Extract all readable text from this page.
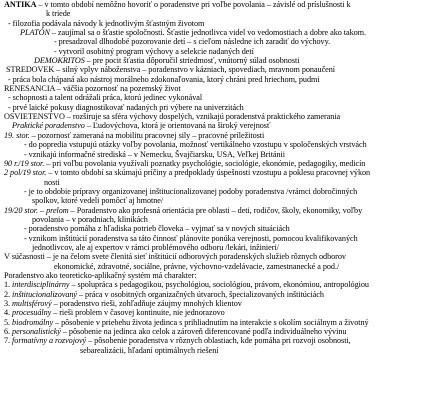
ANTIKA – v tomto období nemôžno hovoriť o poradenstve pri voľbe povolania – závislé od príslušnosti k
k triede
- filozofia podávala návody k jednotlivým šťastným životom
PLATÓN – zaujímal sa o šťastie spoločnosti. Šťastie jednotlivca videl vo vedomostiach a dobre ako takom.
- presadzoval dlhodobé pozorovanie detí – s cieľom následne ich zaradiť do výchovy.
- vytvoril osobitný program výchovy a selekcie nadaných detí
DEMOKRITOS – pre pocit šťastia dôporučil striedmosť, vnútorný súlad osobnosti
STREDOVEK – silný vplyv náboženstva – poradenstvo v kázniach, spovediach, mravnom ponaučení
- práca bola chápaná ako nástroj morálneho zdokonaľovania, ktorý chráni pred hriechom, pudmi
RENESANCIA – väčšia pozornosť na pozemský život
- schopnosti a talent odrážali práca, ktorú jedinec vykonával
- prvé laické pokusy diagnostikovať nadaných pri výbere na univerzitách
OSVIETENSTVO – rozširuje sa sféra výchovy dospelých, vznikajú poradenstvá praktického zamerania
Praktické poradenstvo – Ľudovýchova, ktorá je orientovaná na široký verejnosť
19. stor. – pozornosť zameraná na mobilitu pracovnej sily – pracovné príležitosti
- do popredia vstupujú otázky voľby povolania, možnosť vertikálneho vzostupu v spoločenských vrstvách
- vznikajú informačné strediská – v Nemecku, Švajčiarsku, USA, Veľkej Británii
90 r./19 stor. – pri voľbu povolania využívali poznatky psychológie, sociológie, ekonómie, pedagogiky, medicín
2 pol/19 stor. – v tomto období sa skúmajú príčiny a predpoklady úspešnosti vzostupu a poklesu pracovnej výkon
nosti
- je to obdobie prípravy organizovanej inštitucionalizovanej podoby poradenstva /vrámci dobročinných
spolkov, ktoré vedeli pomôcť aj hmotne/
19/20 stor. – prelom – Poradenstvo ako profesná orientácia pre oblasti – deti, rodičov, školy, ekonomiky, voľby
povolania – v poradniach, klinikách
- poradenstvo pomáha z hľadiska potrieb človeka – vyjmať sa v nových situáciách
- vznikom inštitúcií poradenstva sa táto činnosť plánovite ponúka verejnosti, pomocou kvalifikovaných
jednotlivcov, ale aj expertov v rámci problémového odboru /lekári, inžinieri/
V súčasnosti – je na čelom svete členitá sieť inštitúcií odborových poradenských služieb rôznych odborov
ekonomické, zdravotné, sociálne, právne, výchovno-vzdelávacie, zamestnanecké a pod./
Poradenstvo ako teoreticko-aplikačný systém má charakter:
1. interdisciplinárny – spolupráca s pedagogikou, psychológiou, sociológiou, právom, ekonómiou, antropológiou
2. inštitucionalizovaný – práca v osobitných organizačných útvaroch, špecializovaných inštitúciách
3. multisférový – poradenstvo rieši, zohľadňuje záujmy mnohých klientov
4. procesuálny – rieši problem v časovej kontinuite, nie jednorazovo
5. biodromálny – pôsobenie v priebehu života jedinca s prihliadnutím na interakcie s okolím sociálnym a životný
6. personalistický – pôsobenie na jedinca ako celok a zároveň diferencované podľa individuálneho vývinu
7. formatívny a rozvojový – pôsobenie poradenstva v rôznych oblastiach, kde pomáha pri rozvoji osobnosti,
sebarealizácii, hľadaní optimálnych riešení
